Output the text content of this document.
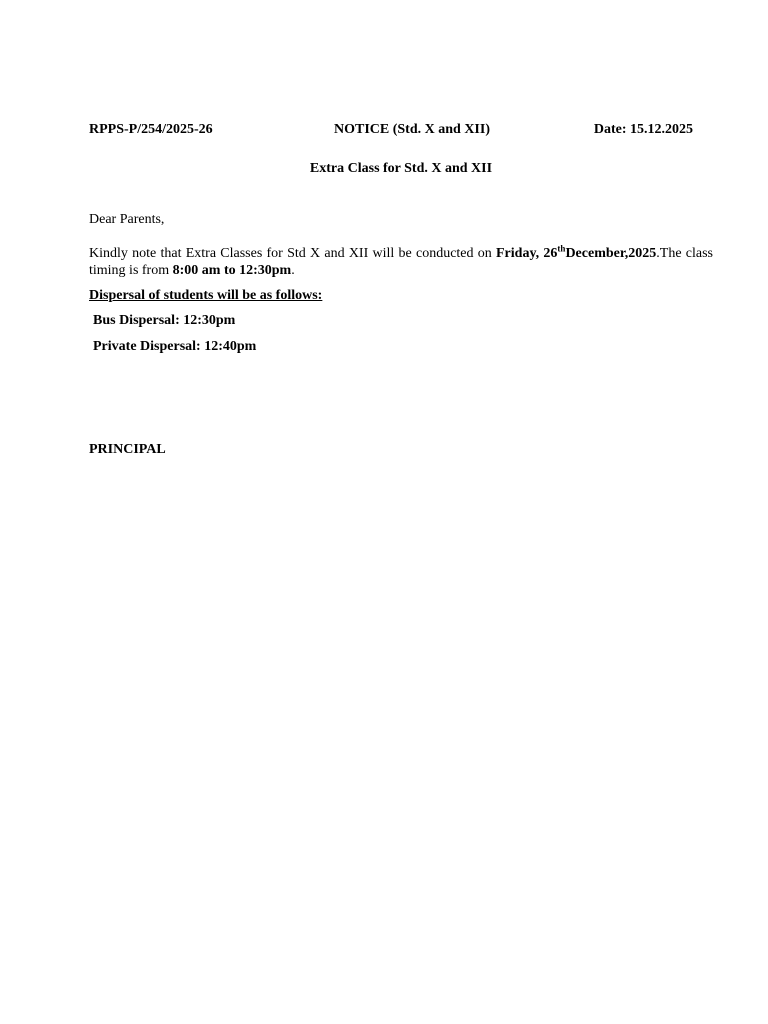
RPPS-P/254/2025-26	NOTICE (Std. X and XII)	Date: 15.12.2025
Extra Class for Std. X and XII
Dear Parents,
Kindly note that Extra Classes for Std X and XII will be conducted on Friday, 26thDecember,2025.The class timing is from 8:00 am to 12:30pm.
Dispersal of students will be as follows:
Bus Dispersal: 12:30pm
Private Dispersal: 12:40pm
PRINCIPAL
